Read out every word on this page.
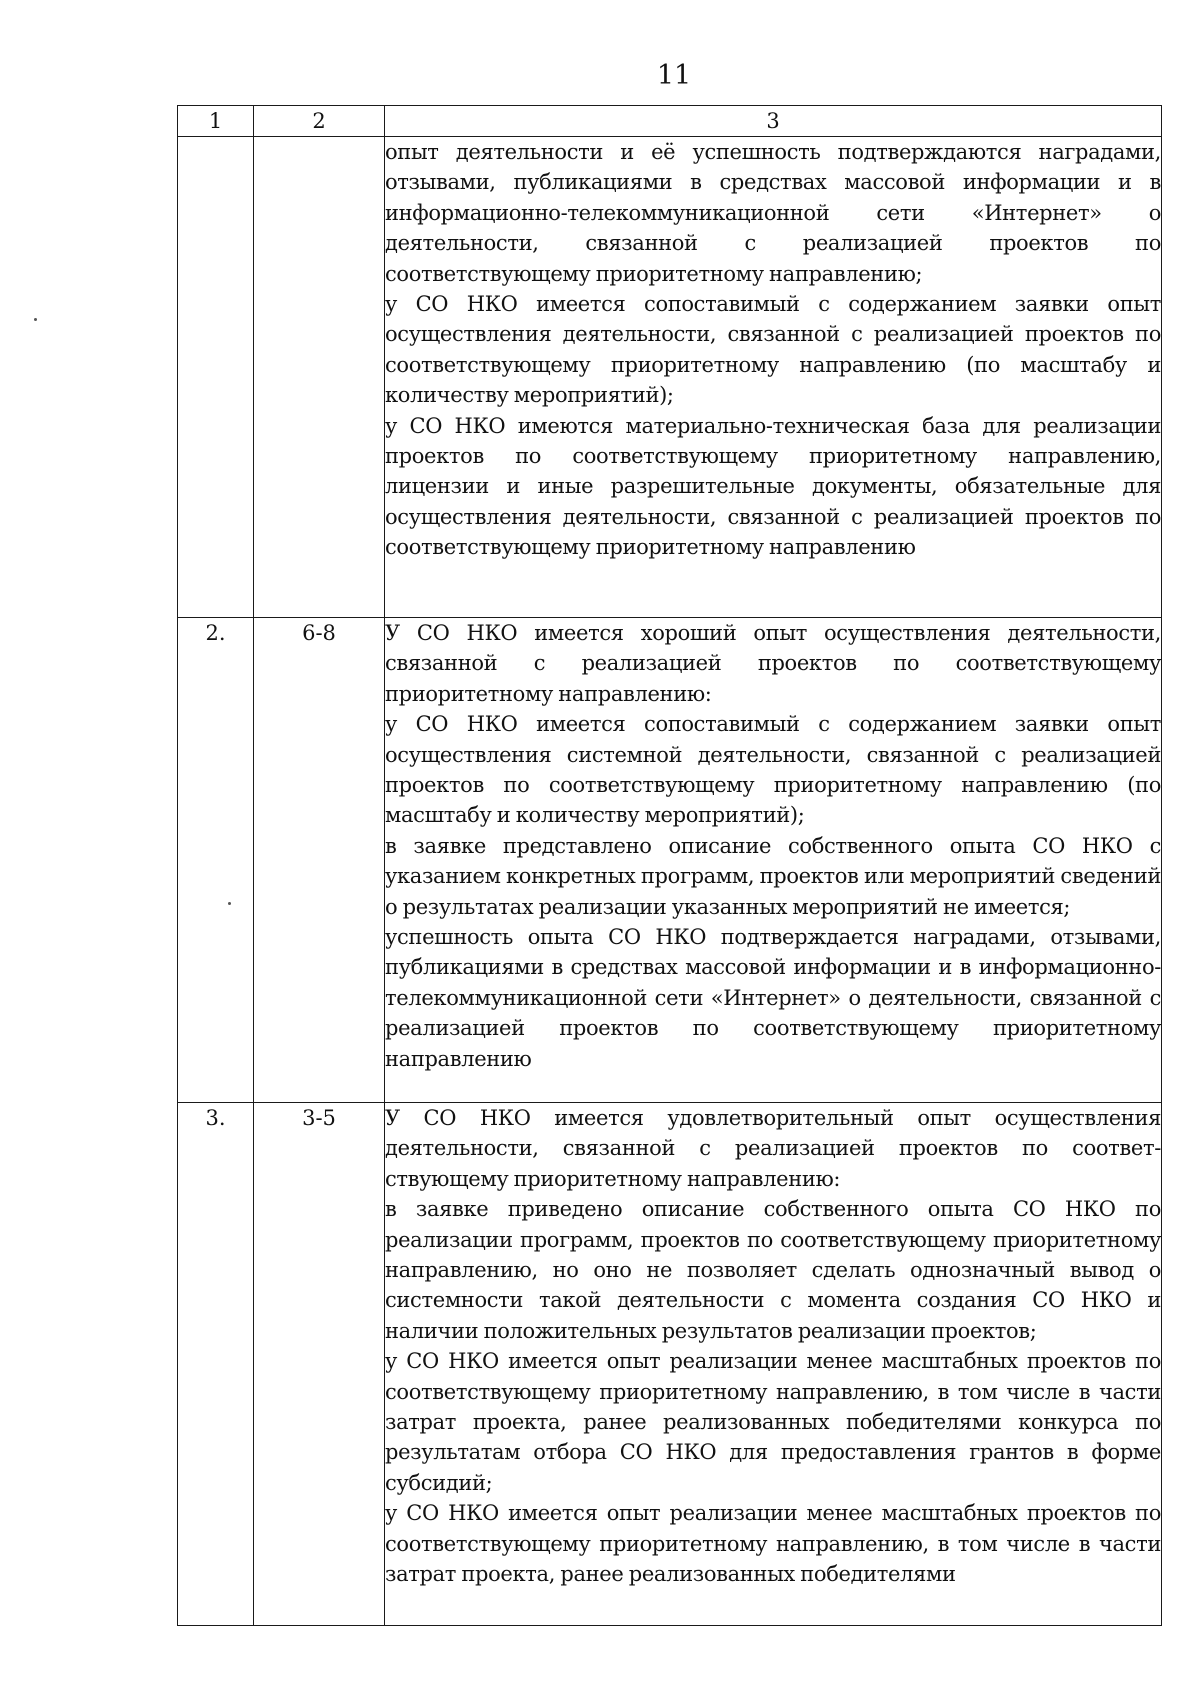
11
1	2	3

		опыт деятельности и её успешность подтверждаются наградами, отзывами, публикациями в средствах массовой информации и в информационно-телекоммуникационной сети «Интернет» о деятельности, связанной с реализацией проектов по соответствующему приоритетному направлению;

у СО НКО имеется сопоставимый с содержанием заявки опыт осуществления деятельности, связанной с реализацией проектов по соответствующему приоритетному направлению (по масштабу и количеству мероприятий);

у СО НКО имеются материально-техническая база для реализации проектов по соответствующему приоритетному направлению, лицензии и иные разрешительные документы, обязательные для осуществления деятельности, связанной с реализацией проектов по соответствующему приоритетному направлению

2.	6-8	У СО НКО имеется хороший опыт осуществления деятельности, связанной с реализацией проектов по соответствующему приоритетному направлению:

у СО НКО имеется сопоставимый с содержанием заявки опыт осуществления системной деятельности, связанной с реализацией проектов по соответствующему приоритетному направлению (по масштабу и количеству мероприятий);

в заявке представлено описание собственного опыта СО НКО с указанием конкретных программ, проектов или мероприятий сведений о результатах реализации указанных мероприятий не имеется;

успешность опыта СО НКО подтверждается наградами, отзывами, публикациями в средствах массовой информации и в информационно-телекоммуникационной сети «Интернет» о деятельности, связанной с реализацией проектов по соответствующему приоритетному направлению

3.	3-5	У СО НКО имеется удовлетворительный опыт осуществления деятельности, связанной с реализацией проектов по соответ-ствующему приоритетному направлению:

в заявке приведено описание собственного опыта СО НКО по реализации программ, проектов по соответствующему приоритетному направлению, но оно не позволяет сделать однозначный вывод о системности такой деятельности с момента создания СО НКО и наличии положительных результатов реализации проектов;

у СО НКО имеется опыт реализации менее масштабных проектов по соответствующему приоритетному направлению, в том числе в части затрат проекта, ранее реализованных победителями конкурса по результатам отбора СО НКО для предоставления грантов в форме субсидий;

у СО НКО имеется опыт реализации менее масштабных проектов по соответствующему приоритетному направлению, в том числе в части затрат проекта, ранее реализованных победителями
